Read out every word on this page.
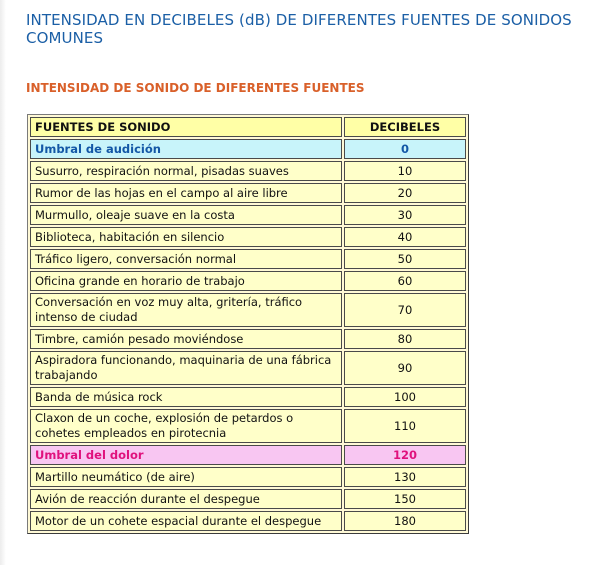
INTENSIDAD EN DECIBELES (dB) DE DIFERENTES FUENTES DE SONIDOS COMUNES
INTENSIDAD DE SONIDO DE DIFERENTES FUENTES
FUENTES DE SONIDO	DECIBELES
Umbral de audición	0
Susurro, respiración normal, pisadas suaves	10
Rumor de las hojas en el campo al aire libre	20
Murmullo, oleaje suave en la costa	30
Biblioteca, habitación en silencio	40
Tráfico ligero, conversación normal	50
Oficina grande en horario de trabajo	60
Conversación en voz muy alta, gritería, tráfico intenso de ciudad	70
Timbre, camión pesado moviéndose	80
Aspiradora funcionando, maquinaria de una fábrica trabajando	90
Banda de música rock	100
Claxon de un coche, explosión de petardos o cohetes empleados en pirotecnia	110
Umbral del dolor	120
Martillo neumático (de aire)	130
Avión de reacción durante el despegue	150
Motor de un cohete espacial durante el despegue	180
